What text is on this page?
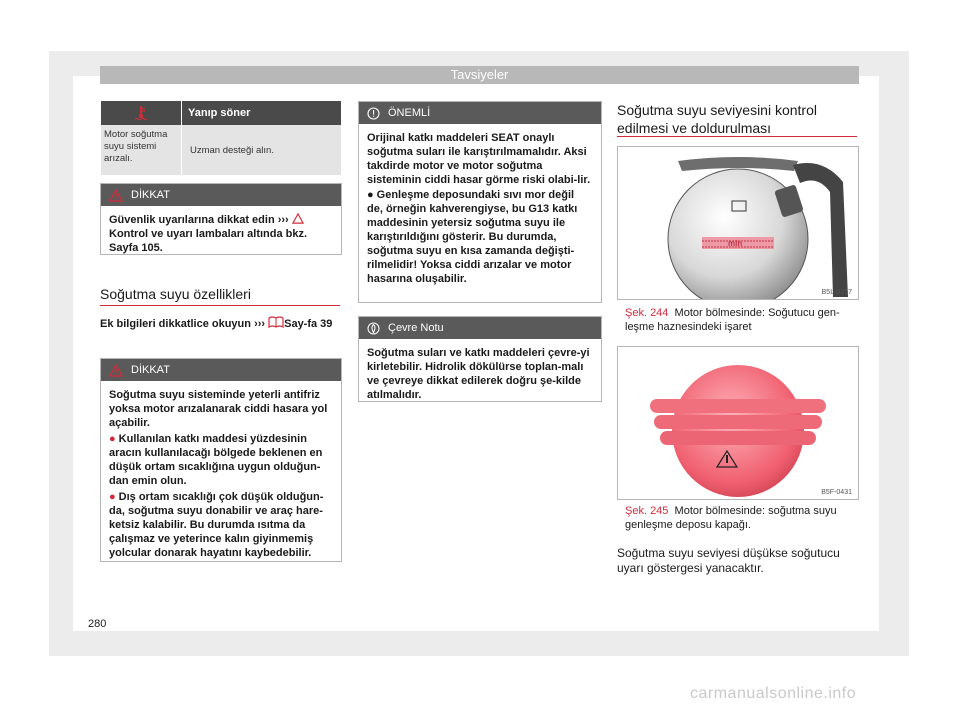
Tavsiyeler
Yanıp söner
Motor soğutma suyu sistemi arızalı.
Uzman desteği alın.
DİKKAT

Güvenlik uyarılarına dikkat edin ›››

Kontrol ve uyarı lambaları altında bkz. Sayfa 105.

Soğutma suyu özellikleri
Ek bilgileri dikkatlice okuyun ››› Say-fa 39
DİKKAT

Soğutma suyu sisteminde yeterli antifriz yoksa motor arızalanarak ciddi hasara yol açabilir.

● Kullanılan katkı maddesi yüzdesinin aracın kullanılacağı bölgede beklenen en düşük ortam sıcaklığına uygun olduğun-dan emin olun.

● Dış ortam sıcaklığı çok düşük olduğun-da, soğutma suyu donabilir ve araç hare-ketsiz kalabilir. Bu durumda ısıtma da çalışmaz ve yeterince kalın giyinmemiş yolcular donarak hayatını kaybedebilir.

ÖNEMLİ

Orijinal katkı maddeleri SEAT onaylı soğutma suları ile karıştırılmamalıdır. Aksi takdirde motor ve motor soğutma sisteminin ciddi hasar görme riski olabi-lir.

● Genleşme deposundaki sıvı mor değil de, örneğin kahverengiyse, bu G13 katkı maddesinin yetersiz soğutma suyu ile karıştırıldığını gösterir. Bu durumda, soğutma suyu en kısa zamanda değişti-rilmelidir! Yoksa ciddi arızalar ve motor hasarına oluşabilir.

Çevre Notu

Soğutma suları ve katkı maddeleri çevre-yi kirletebilir. Hidrolik dökülürse toplan-malı ve çevreye dikkat edilerek doğru şe-kilde atılmalıdır.

Soğutma suyu seviyesini kontrol edilmesi ve doldurulması
min
B5L-0257
Şek. 244 Motor bölmesinde: Soğutucu gen-leşme haznesindeki işaret
B5F-0431
Şek. 245 Motor bölmesinde: soğutma suyu genleşme deposu kapağı.
Soğutma suyu seviyesi düşükse soğutucu uyarı göstergesi yanacaktır.
280
carmanualsonline.info
